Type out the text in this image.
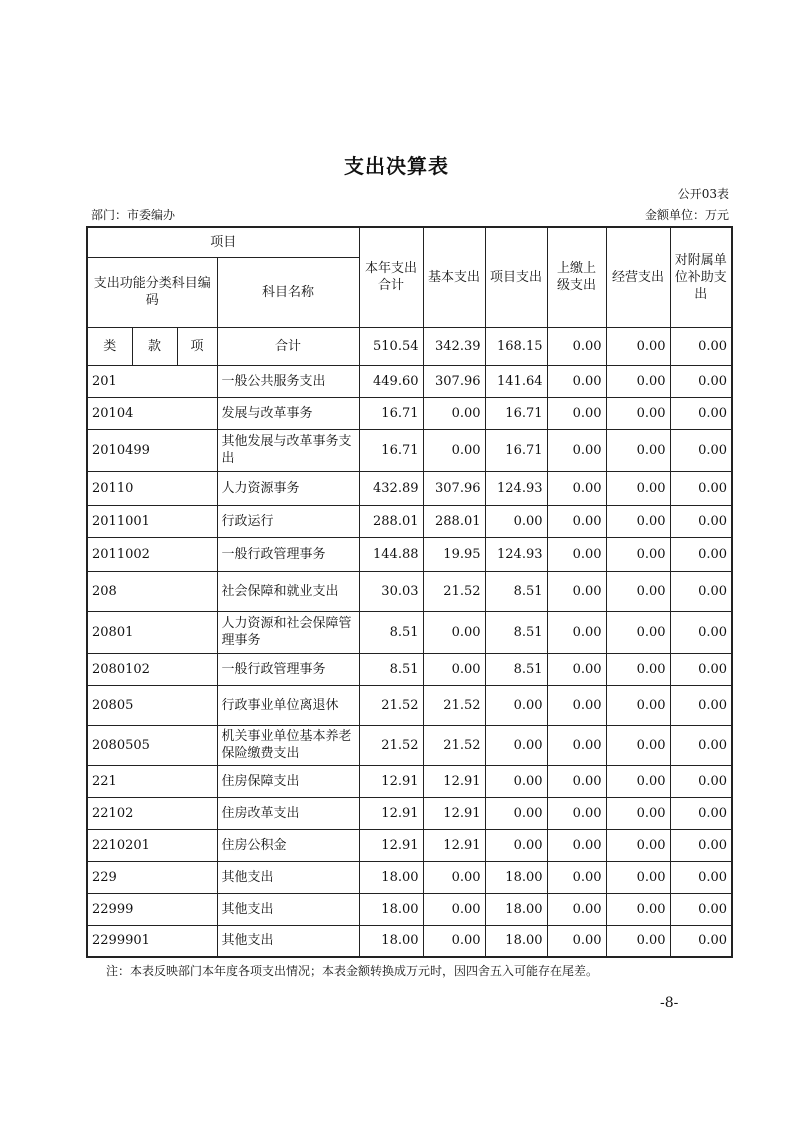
支出决算表
公开03表
部门：市委编办	金额单位：万元
项目				本年支出合计	基本支出	项目支出	上缴上级支出	经营支出	对附属单位补助支出
支出功能分类科目编码			科目名称						
类	款	项	合计	510.54	342.39	168.15	0.00	0.00	0.00
201			一般公共服务支出	449.60	307.96	141.64	0.00	0.00	0.00
20104			发展与改革事务	16.71	0.00	16.71	0.00	0.00	0.00
2010499			其他发展与改革事务支出	16.71	0.00	16.71	0.00	0.00	0.00
20110			人力资源事务	432.89	307.96	124.93	0.00	0.00	0.00
2011001			行政运行	288.01	288.01	0.00	0.00	0.00	0.00
2011002			一般行政管理事务	144.88	19.95	124.93	0.00	0.00	0.00
208			社会保障和就业支出	30.03	21.52	8.51	0.00	0.00	0.00
20801			人力资源和社会保障管理事务	8.51	0.00	8.51	0.00	0.00	0.00
2080102			一般行政管理事务	8.51	0.00	8.51	0.00	0.00	0.00
20805			行政事业单位离退休	21.52	21.52	0.00	0.00	0.00	0.00
2080505			机关事业单位基本养老保险缴费支出	21.52	21.52	0.00	0.00	0.00	0.00
221			住房保障支出	12.91	12.91	0.00	0.00	0.00	0.00
22102			住房改革支出	12.91	12.91	0.00	0.00	0.00	0.00
2210201			住房公积金	12.91	12.91	0.00	0.00	0.00	0.00
229			其他支出	18.00	0.00	18.00	0.00	0.00	0.00
22999			其他支出	18.00	0.00	18.00	0.00	0.00	0.00
2299901			其他支出	18.00	0.00	18.00	0.00	0.00	0.00
注：本表反映部门本年度各项支出情况；本表金额转换成万元时，因四舍五入可能存在尾差。
-8-
